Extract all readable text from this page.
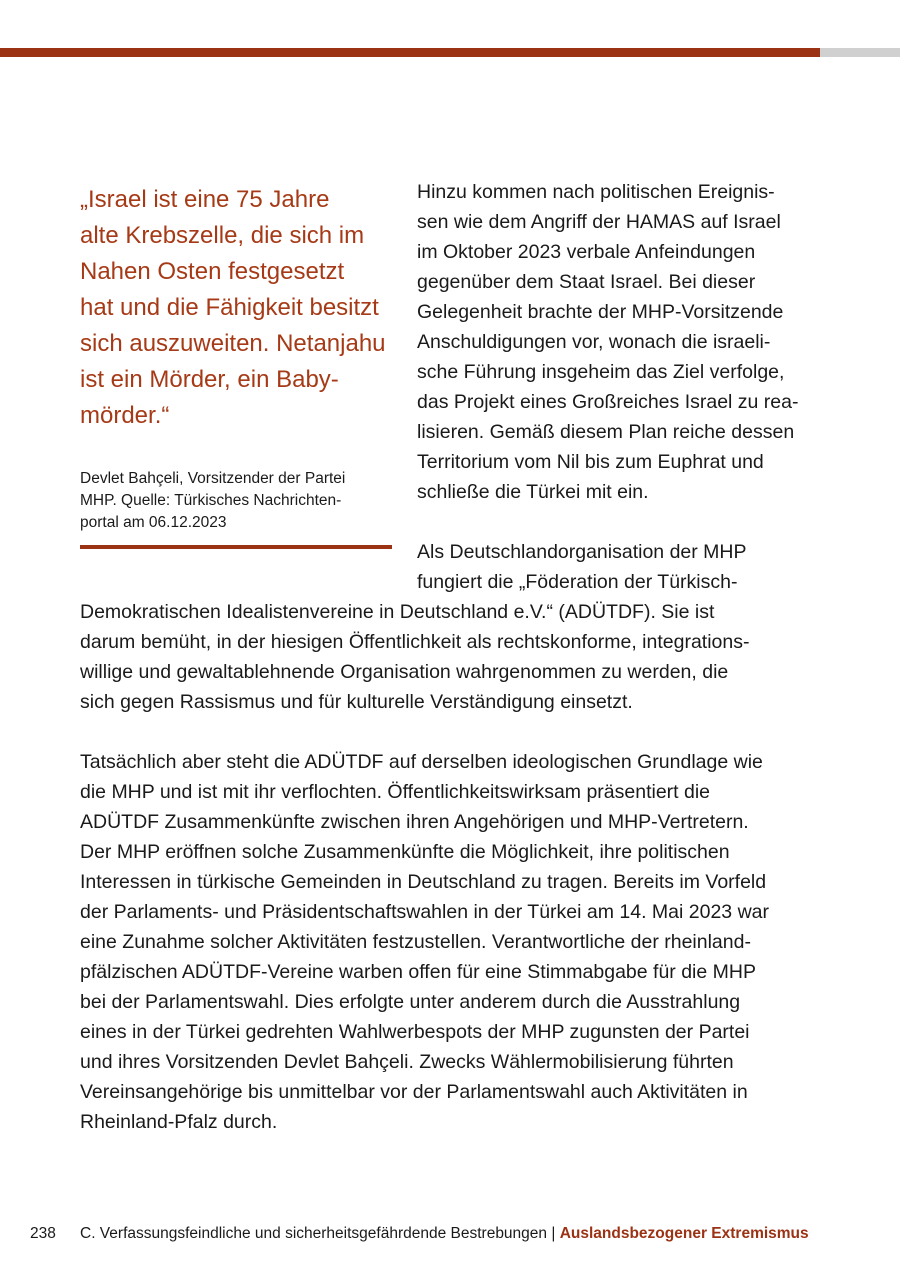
„Israel ist eine 75 Jahre
alte Krebszelle, die sich im
Nahen Osten festgesetzt
hat und die Fähigkeit besitzt
sich auszuweiten. Netanjahu
ist ein Mörder, ein Baby-
mörder.“

Devlet Bahçeli, Vorsitzender der Partei
MHP. Quelle: Türkisches Nachrichten-
portal am 06.12.2023

Hinzu kommen nach politischen Ereignis-
sen wie dem Angriff der HAMAS auf Israel
im Oktober 2023 verbale Anfeindungen
gegenüber dem Staat Israel. Bei dieser
Gelegenheit brachte der MHP-Vorsitzende
Anschuldigungen vor, wonach die israeli-
sche Führung insgeheim das Ziel verfolge,
das Projekt eines Großreiches Israel zu rea-
lisieren. Gemäß diesem Plan reiche dessen
Territorium vom Nil bis zum Euphrat und
schließe die Türkei mit ein.

Als Deutschlandorganisation der MHP
fungiert die „Föderation der Türkisch-

Demokratischen Idealistenvereine in Deutschland e.V.“ (ADÜTDF). Sie ist
darum bemüht, in der hiesigen Öffentlichkeit als rechtskonforme, integrations-
willige und gewaltablehnende Organisation wahrgenommen zu werden, die
sich gegen Rassismus und für kulturelle Verständigung einsetzt.

Tatsächlich aber steht die ADÜTDF auf derselben ideologischen Grundlage wie
die MHP und ist mit ihr verflochten. Öffentlichkeitswirksam präsentiert die
ADÜTDF Zusammenkünfte zwischen ihren Angehörigen und MHP-Vertretern.
Der MHP eröffnen solche Zusammenkünfte die Möglichkeit, ihre politischen
Interessen in türkische Gemeinden in Deutschland zu tragen. Bereits im Vorfeld
der Parlaments- und Präsidentschaftswahlen in der Türkei am 14. Mai 2023 war
eine Zunahme solcher Aktivitäten festzustellen. Verantwortliche der rheinland-
pfälzischen ADÜTDF-Vereine warben offen für eine Stimmabgabe für die MHP
bei der Parlamentswahl. Dies erfolgte unter anderem durch die Ausstrahlung
eines in der Türkei gedrehten Wahlwerbespots der MHP zugunsten der Partei
und ihres Vorsitzenden Devlet Bahçeli. Zwecks Wählermobilisierung führten
Vereinsangehörige bis unmittelbar vor der Parlamentswahl auch Aktivitäten in
Rheinland-Pfalz durch.

238 C. Verfassungsfeindliche und sicherheitsgefährdende Bestrebungen | Auslandsbezogener Extremismus
